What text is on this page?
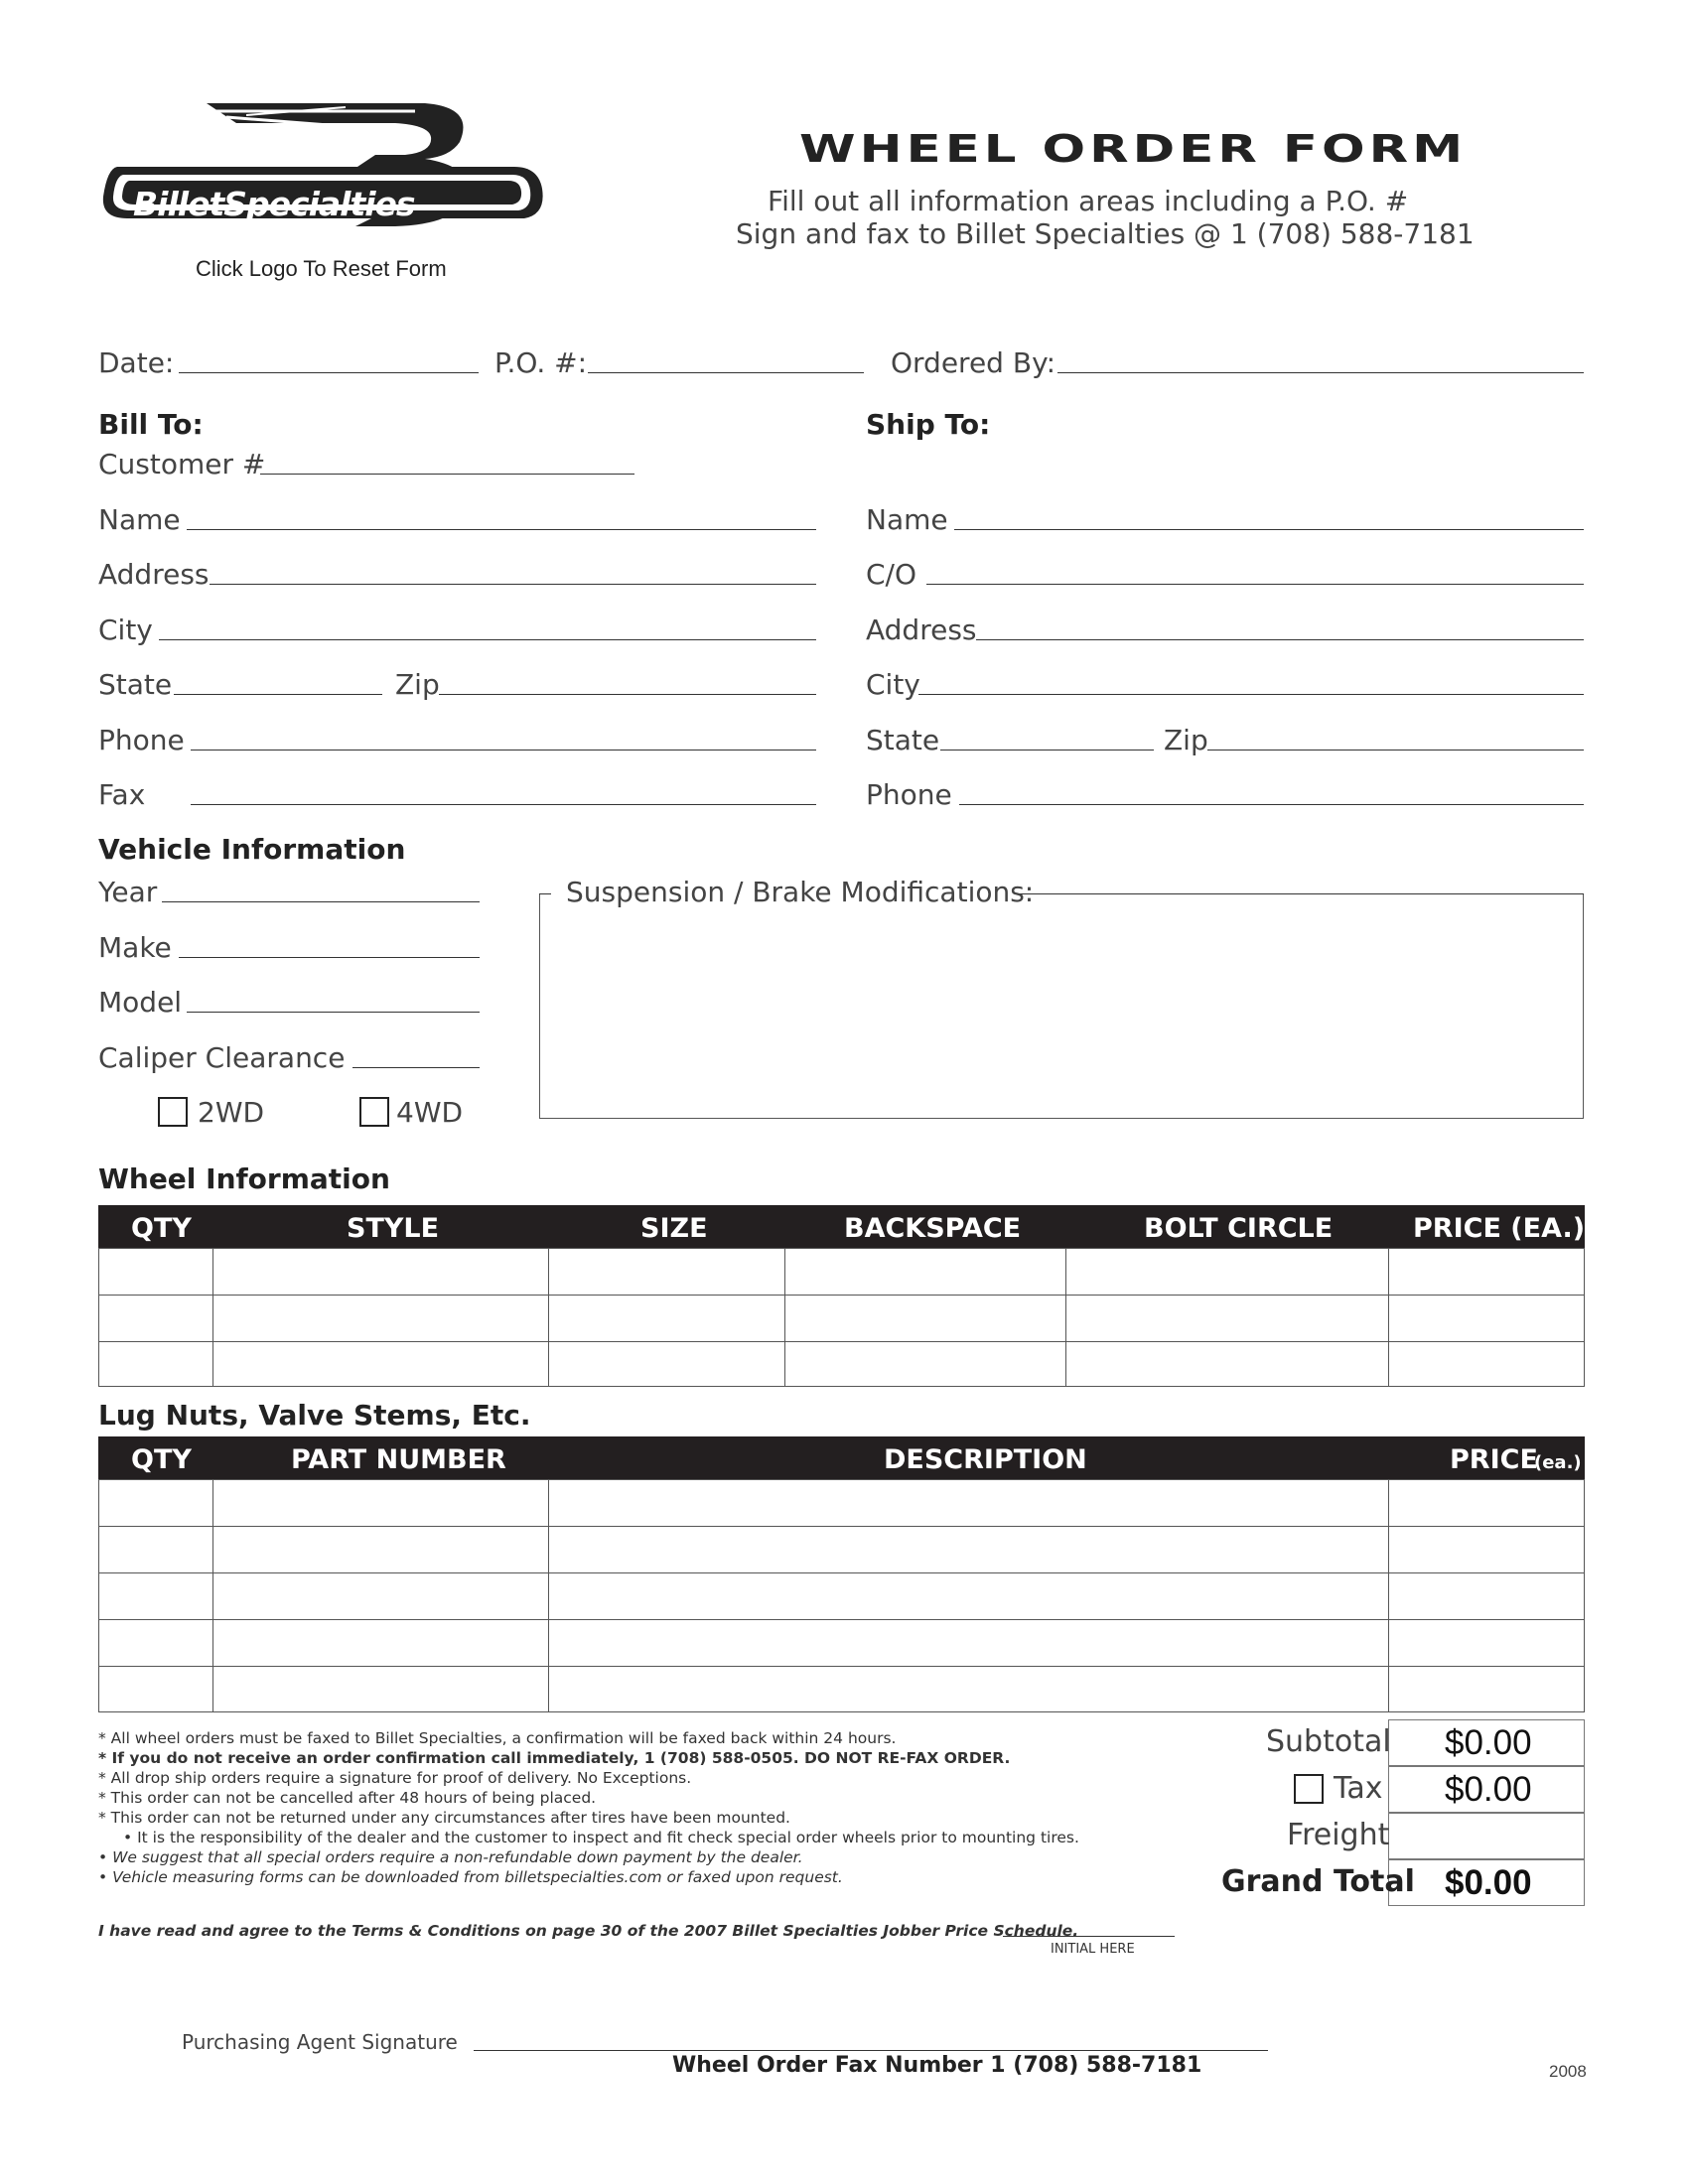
BilletSpecialties
Click Logo To Reset Form
WHEEL ORDER FORM
Fill out all information areas including a P.O. #
Sign and fax to Billet Specialties @ 1 (708) 588-7181
Date:	P.O. #:	Ordered By:
Bill To:
Customer #
Name
Address
City
State	Zip
Phone
Fax
Ship To:
Name
C/O
Address
City
State	Zip
Phone
Vehicle Information
Year
Make
Model
Caliper Clearance
2WD	4WD
Suspension / Brake Modifications:
Wheel Information
QTY	STYLE	SIZE	BACKSPACE	BOLT CIRCLE	PRICE (EA.)
Lug Nuts, Valve Stems, Etc.
QTY	PART NUMBER	DESCRIPTION	PRICE
(ea.)
* All wheel orders must be faxed to Billet Specialties, a confirmation will be faxed back within 24 hours.
* If you do not receive an order confirmation call immediately, 1 (708) 588-0505. DO NOT RE-FAX ORDER.
* All drop ship orders require a signature for proof of delivery. No Exceptions.
* This order can not be cancelled after 48 hours of being placed.
* This order can not be returned under any circumstances after tires have been mounted.
• It is the responsibility of the dealer and the customer to inspect and fit check special order wheels prior to mounting tires.
• We suggest that all special orders require a non-refundable down payment by the dealer.
• Vehicle measuring forms can be downloaded from billetspecialties.com or faxed upon request.
Subtotal $0.00
Tax $0.00
Freight
Grand Total $0.00
I have read and agree to the Terms & Conditions on page 30 of the 2007 Billet Specialties Jobber Price Schedule.
INITIAL HERE
Purchasing Agent Signature
Wheel Order Fax Number 1 (708) 588-7181	2008
